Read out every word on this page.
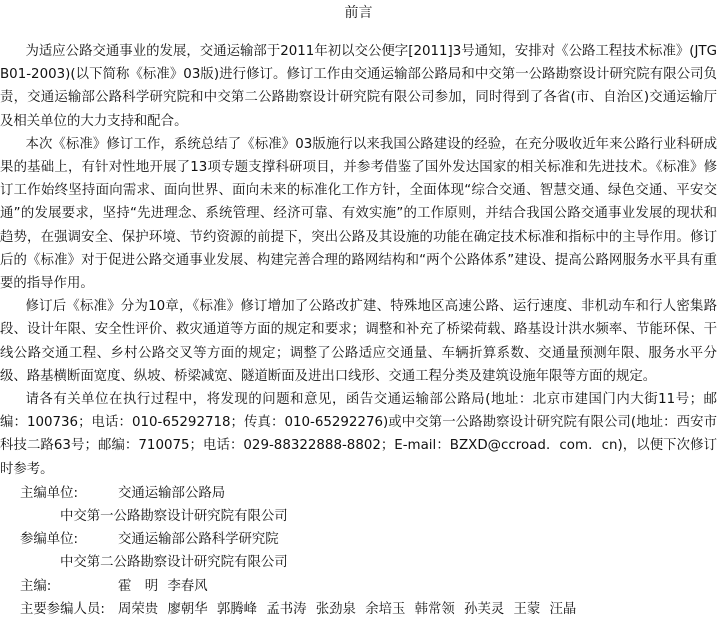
前言

为适应公路交通事业的发展，交通运输部于2011年初以交公便字[2011]3号通知，安排对《公路工程技术标准》(JTG B01-2003)(以下简称《标准》03版)进行修订。修订工作由交通运输部公路局和中交第一公路勘察设计研究院有限公司负责，交通运输部公路科学研究院和中交第二公路勘察设计研究院有限公司参加，同时得到了各省(市、自治区)交通运输厅及相关单位的大力支持和配合。

本次《标准》修订工作，系统总结了《标准》03版施行以来我国公路建设的经验，在充分吸收近年来公路行业科研成果的基础上，有针对性地开展了13项专题支撑科研项目，并参考借鉴了国外发达国家的相关标准和先进技术。《标准》修订工作始终坚持面向需求、面向世界、面向未来的标准化工作方针，全面体现“综合交通、智慧交通、绿色交通、平安交通”的发展要求，坚持“先进理念、系统管理、经济可靠、有效实施”的工作原则，并结合我国公路交通事业发展的现状和趋势，在强调安全、保护环境、节约资源的前提下，突出公路及其设施的功能在确定技术标准和指标中的主导作用。修订后的《标准》对于促进公路交通事业发展、构建完善合理的路网结构和“两个公路体系”建设、提高公路网服务水平具有重要的指导作用。

修订后《标准》分为10章，《标准》修订增加了公路改扩建、特殊地区高速公路、运行速度、非机动车和行人密集路段、设计年限、安全性评价、救灾通道等方面的规定和要求；调整和补充了桥梁荷载、路基设计洪水频率、节能环保、干线公路交通工程、乡村公路交叉等方面的规定；调整了公路适应交通量、车辆折算系数、交通量预测年限、服务水平分级、路基横断面宽度、纵坡、桥梁减宽、隧道断面及进出口线形、交通工程分类及建筑设施年限等方面的规定。

请各有关单位在执行过程中，将发现的问题和意见，函告交通运输部公路局(地址：北京市建国门内大街11号；邮编：100736；电话：010-65292718；传真：010-65292276)或中交第一公路勘察设计研究院有限公司(地址：西安市科技二路63号；邮编：710075；电话：029-88322888-8802；E-mail：BZXD@ccroad．com．cn)，以便下次修订时参考。

主编单位:	交通运输部公路局
中交第一公路勘察设计研究院有限公司
参编单位:	交通运输部公路科学研究院
中交第二公路勘察设计研究院有限公司
主编:	霍　明 李春风
主要参编人员: 周荣贵 廖朝华 郭腾峰 孟书涛 张劲泉 余培玉 韩常领 孙芙灵 王蒙 汪晶
